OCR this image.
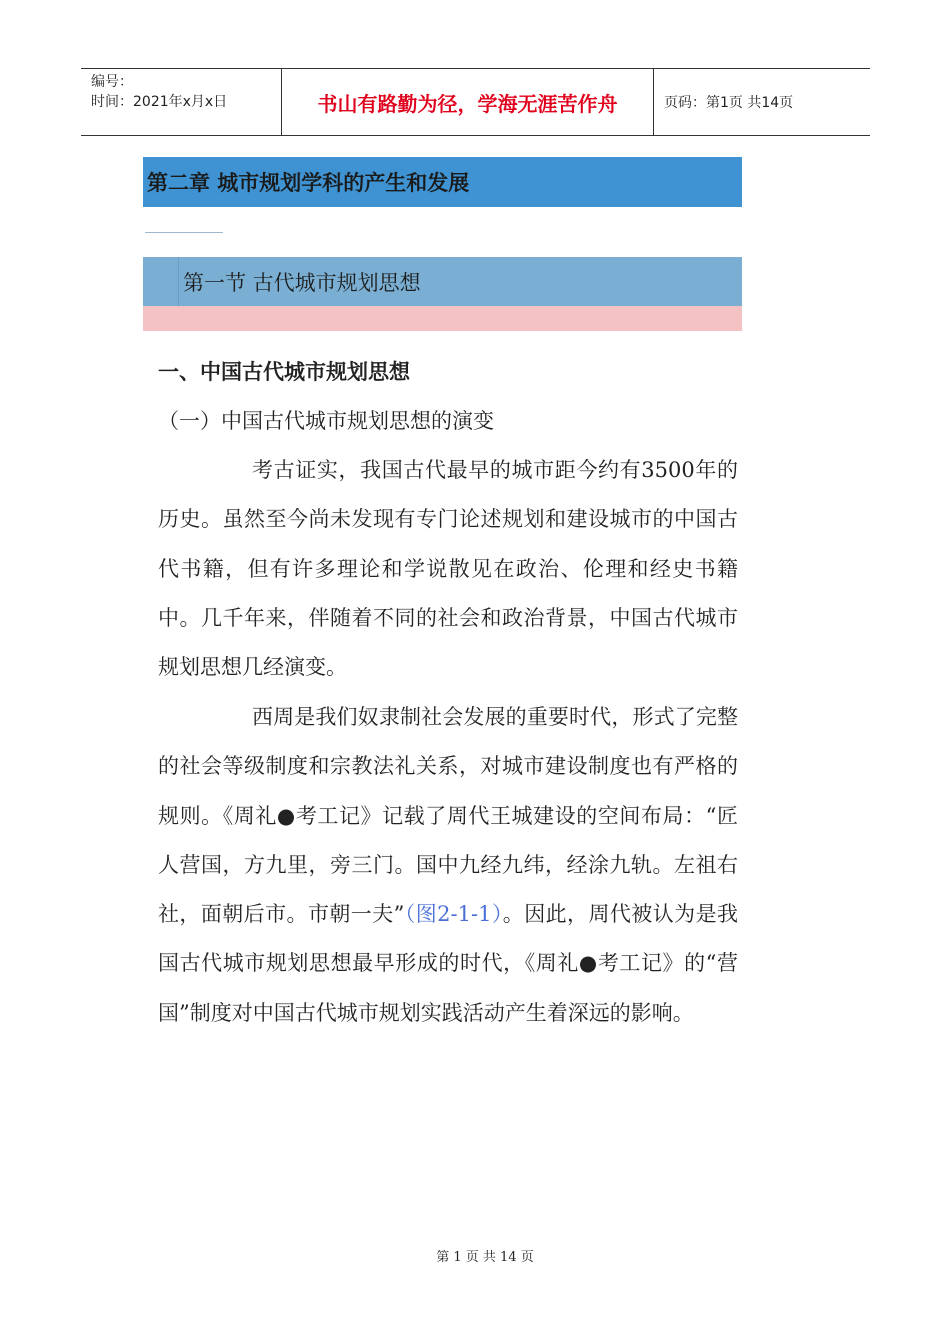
编号：
时间：2021年x月x日	书山有路勤为径，学海无涯苦作舟	页码：第1页 共14页
第二章 城市规划学科的产生和发展
第一节 古代城市规划思想
一、中国古代城市规划思想
（一）中国古代城市规划思想的演变

考古证实，我国古代最早的城市距今约有3500年的历史。虽然至今尚未发现有专门论述规划和建设城市的中国古代书籍，但有许多理论和学说散见在政治、伦理和经史书籍中。几千年来，伴随着不同的社会和政治背景，中国古代城市规划思想几经演变。

西周是我们奴隶制社会发展的重要时代，形式了完整的社会等级制度和宗教法礼关系，对城市建设制度也有严格的规则。《周礼●考工记》记载了周代王城建设的空间布局：“匠人营国，方九里，旁三门。国中九经九纬，经涂九轨。左祖右社，面朝后市。市朝一夫”（图2-1-1）。因此，周代被认为是我国古代城市规划思想最早形成的时代，《周礼●考工记》的“营国”制度对中国古代城市规划实践活动产生着深远的影响。

第 1 页 共 14 页
